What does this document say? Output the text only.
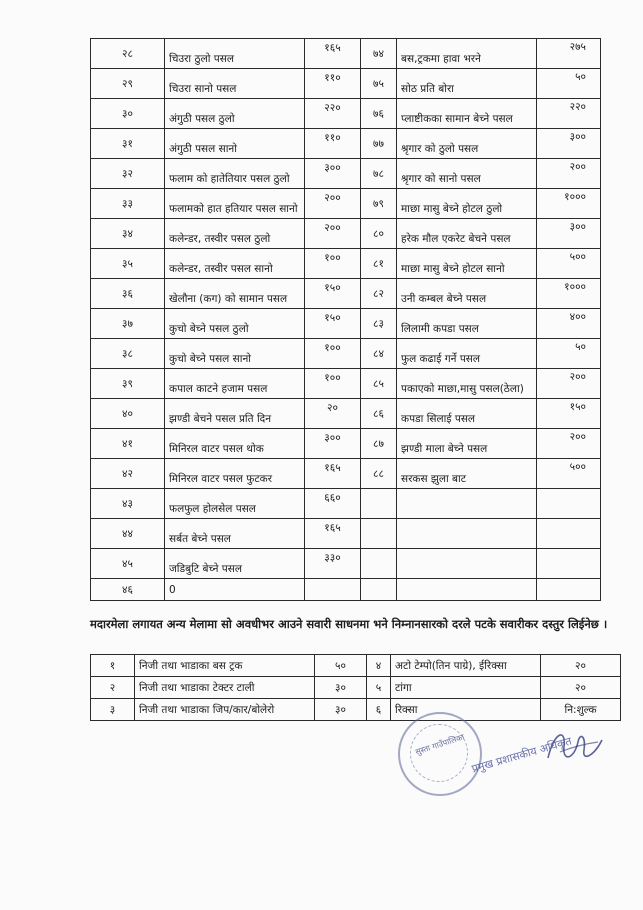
२८	चिउरा ठुलो पसल	१६५	७४	बस,ट्रकमा हावा भरने	२७५
२९	चिउरा सानो पसल	११०	७५	सोठ प्रति बोरा	५०
३०	अंगुठी पसल ठुलो	२२०	७६	प्लाष्टीकका सामान बेच्ने पसल	२२०
३१	अंगुठी पसल सानो	११०	७७	श्रृगार को ठुलो पसल	३००
३२	फलाम को हातेतियार पसल ठुलो	३००	७८	श्रृगार को सानो पसल	२००
३३	फलामको हात हतियार पसल सानो	२००	७९	माछा मासु बेच्ने होटल ठुलो	१०००
३४	कलेन्डर, तस्वीर पसल ठुलो	२००	८०	हरेक मौल एकरेट बेचने पसल	३००
३५	कलेन्डर, तस्वीर पसल सानो	१००	८१	माछा मासु बेच्ने होटल सानो	५००
३६	खेलौना (कग) को सामान पसल	१५०	८२	उनी कम्बल बेच्ने पसल	१०००
३७	कुचो बेच्ने पसल ठुलो	१५०	८३	लिलामी कपडा पसल	४००
३८	कुचो बेच्ने पसल सानो	१००	८४	फुल कढाई गर्ने पसल	५०
३९	कपाल काटने हजाम पसल	१००	८५	पकाएको माछा,मासु पसल(ठेला)	२००
४०	झण्डी बेचने पसल प्रति दिन	२०	८६	कपडा सिलाई पसल	१५०
४१	मिनिरल वाटर पसल थोक	३००	८७	झण्डी माला बेच्ने पसल	२००
४२	मिनिरल वाटर पसल फुटकर	१६५	८८	सरकस झुला बाट	५००
४३	फलफुल होलसेल पसल	६६०			
४४	सर्बत बेच्ने पसल	१६५			
४५	जडिबुटि बेच्ने पसल	३३०			
४६	0				
मदारमेला लगायत अन्य मेलामा सो अवधीभर आउने सवारी साधनमा भने निम्नानसारको दरले पटके सवारीकर दस्तुर लिईनेछ ।
१	निजी तथा भाडाका बस ट्रक	५०	४	अटो टेम्पो(तिन पाग्रे), ईरिक्सा	२०
२	निजी तथा भाडाका टेक्टर टाली	३०	५	टांगा	२०
३	निजी तथा भाडाका जिप/कार/बोलेरो	३०	६	रिक्सा	नि:शुल्क
सुस्ता गाउँपालिका प्रमुख प्रशासकीय अधिकृत
